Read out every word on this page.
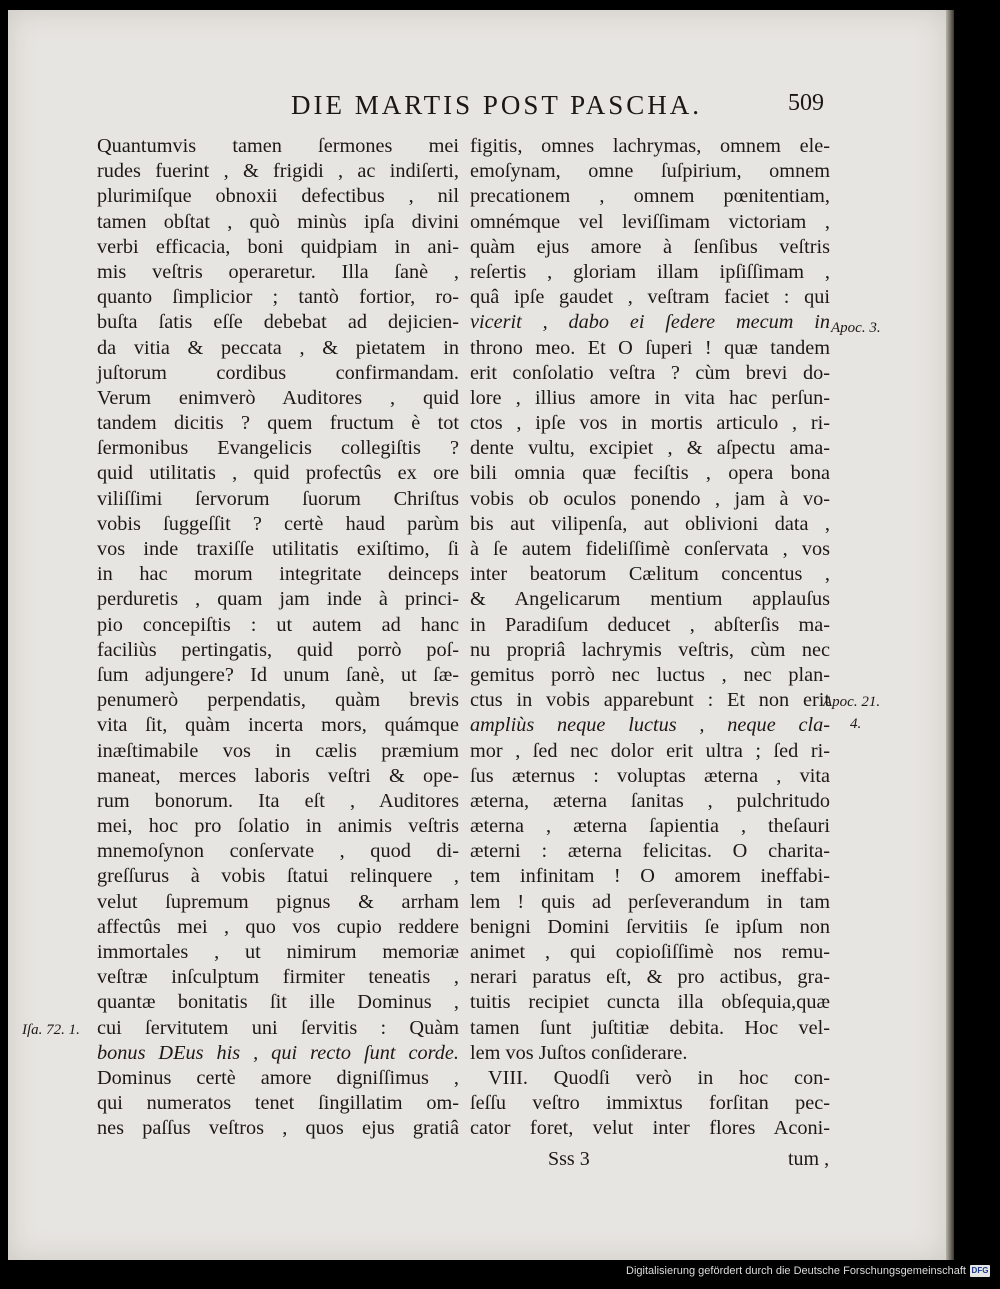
DIE MARTIS POST PASCHA.	509
Quantumvis tamen ſermones mei
rudes fuerint , & frigidi , ac indiſerti,
plurimiſque obnoxii defectibus , nil
tamen obſtat , quò minùs ipſa divini
verbi efficacia, boni quidpiam in ani-
mis veſtris operaretur. Illa ſanè ,
quanto ſimplicior ; tantò fortior, ro-
buſta ſatis eſſe debebat ad dejicien-
da vitia & peccata , & pietatem in
juſtorum cordibus confirmandam.
Verum enimverò Auditores , quid
tandem dicitis ? quem fructum è tot
ſermonibus Evangelicis collegiſtis ?
quid utilitatis , quid profectûs ex ore
viliſſimi ſervorum ſuorum Chriſtus
vobis ſuggeſſit ? certè haud parùm
vos inde traxiſſe utilitatis exiſtimo, ſi
in hac morum integritate deinceps
perduretis , quam jam inde à princi-
pio concepiſtis : ut autem ad hanc
faciliùs pertingatis, quid porrò poſ-
ſum adjungere? Id unum ſanè, ut ſæ-
penumerò perpendatis, quàm brevis
vita ſit, quàm incerta mors, quámque
inæſtimabile vos in cælis præmium
maneat, merces laboris veſtri & ope-
rum bonorum. Ita eſt , Auditores
mei, hoc pro ſolatio in animis veſtris
mnemoſynon conſervate , quod di-
greſſurus à vobis ſtatui relinquere ,
velut ſupremum pignus & arrham
affectûs mei , quo vos cupio reddere
immortales , ut nimirum memoriæ
veſtræ inſculptum firmiter teneatis ,
quantæ bonitatis ſit ille Dominus ,
cui ſervitutem uni ſervitis : Quàm
bonus DEus his , qui recto ſunt corde.
Dominus certè amore digniſſimus ,
qui numeratos tenet ſingillatim om-
nes paſſus veſtros , quos ejus gratiâ
figitis, omnes lachrymas, omnem ele-
emoſynam, omne ſuſpirium, omnem
precationem , omnem pœnitentiam,
omnémque vel leviſſimam victoriam ,
quàm ejus amore à ſenſibus veſtris
reſertis , gloriam illam ipſiſſimam ,
quâ ipſe gaudet , veſtram faciet : qui
vicerit , dabo ei ſedere mecum in
throno meo. Et O ſuperi ! quæ tandem
erit conſolatio veſtra ? cùm brevi do-
lore , illius amore in vita hac perſun-
ctos , ipſe vos in mortis articulo , ri-
dente vultu, excipiet , & aſpectu ama-
bili omnia quæ feciſtis , opera bona
vobis ob oculos ponendo , jam à vo-
bis aut vilipenſa, aut oblivioni data ,
à ſe autem fideliſſimè conſervata , vos
inter beatorum Cælitum concentus ,
& Angelicarum mentium applauſus
in Paradiſum deducet , abſterſis ma-
nu propriâ lachrymis veſtris, cùm nec
gemitus porrò nec luctus , nec plan-
ctus in vobis apparebunt : Et non erit
ampliùs neque luctus , neque cla-
mor , ſed nec dolor erit ultra ; ſed ri-
ſus æternus : voluptas æterna , vita
æterna, æterna ſanitas , pulchritudo
æterna , æterna ſapientia , theſauri
æterni : æterna felicitas. O charita-
tem infinitam ! O amorem ineffabi-
lem ! quis ad perſeverandum in tam
benigni Domini ſervitiis ſe ipſum non
animet , qui copioſiſſimè nos remu-
nerari paratus eſt, & pro actibus, gra-
tuitis recipiet cuncta illa obſequia,quæ
tamen ſunt juſtitiæ debita. Hoc vel-
lem vos Juſtos conſiderare.
VIII. Quodſi verò in hoc con-
ſeſſu veſtro immixtus forſitan pec-
cator foret, velut inter flores Aconi-
Apoc. 3.
Apoc. 21.
4.
Iſa. 72. 1.
Sss 3	tum ,
Digitalisierung gefördert durch die Deutsche Forschungsgemeinschaft DFG
